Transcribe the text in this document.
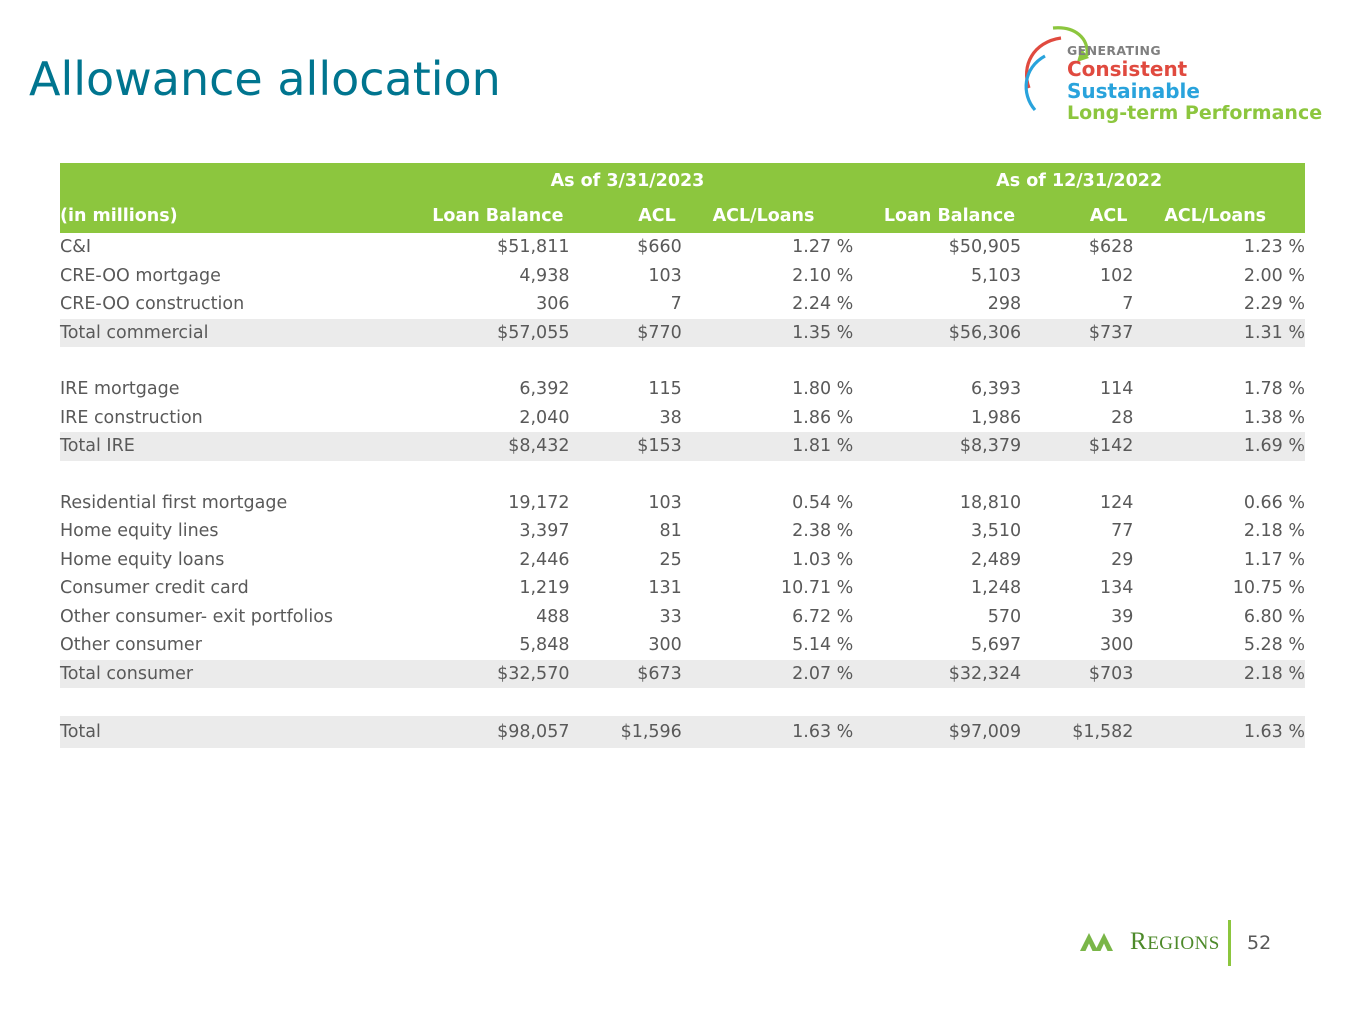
Allowance allocation
GENERATING
Consistent Sustainable
Long-term Performance
	As of 3/31/2023			As of 12/31/2022		
(in millions)	Loan Balance	ACL	ACL/Loans	Loan Balance	ACL	ACL/Loans
C&I	$51,811	$660	1.27 %	$50,905	$628	1.23 %
CRE-OO mortgage	4,938	103	2.10 %	5,103	102	2.00 %
CRE-OO construction	306	7	2.24 %	298	7	2.29 %
Total commercial	$57,055	$770	1.35 %	$56,306	$737	1.31 %

IRE mortgage	6,392	115	1.80 %	6,393	114	1.78 %
IRE construction	2,040	38	1.86 %	1,986	28	1.38 %
Total IRE	$8,432	$153	1.81 %	$8,379	$142	1.69 %

Residential first mortgage	19,172	103	0.54 %	18,810	124	0.66 %
Home equity lines	3,397	81	2.38 %	3,510	77	2.18 %
Home equity loans	2,446	25	1.03 %	2,489	29	1.17 %
Consumer credit card	1,219	131	10.71 %	1,248	134	10.75 %
Other consumer- exit portfolios	488	33	6.72 %	570	39	6.80 %
Other consumer	5,848	300	5.14 %	5,697	300	5.28 %
Total consumer	$32,570	$673	2.07 %	$32,324	$703	2.18 %

Total	$98,057	$1,596	1.63 %	$97,009	$1,582	1.63 %
REGIONS 52
